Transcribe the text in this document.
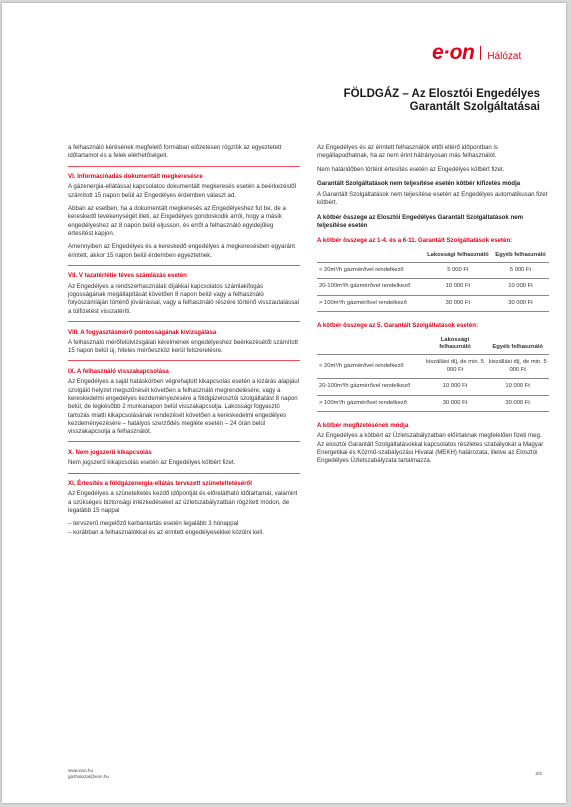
e·on Hálózat
FÖLDGÁZ – Az Elosztói Engedélyes
Garantált Szolgáltatásai
a felhasználó kérésének megfelelő formában előzetesen rögzítik az egyeztetett időtartamot és a felek elérhetőségeit.
VI. Információadás dokumentált megkeresésre
A gázenergia-ellátással kapcsolatos dokumentált megkeresés esetén a beérkezéstől számított 15 napon belül az Engedélyes érdemben választ ad.
Abban az esetben, ha a dokumentált megkeresés az Engedélyeshez fut be, de a kereskedő tevékenységét illeti, az Engedélyes gondoskodik arról, hogy a másik engedélyeshez az 8 napon belül eljusson, és erről a felhasználó egyidejűleg értesítést kapjon.
Amennyiben az Engedélyes és a kereskedő engedélyes a megkeresésben egyaránt érintett, akkor 15 napon belül érdemben egyeztetnek.
VII. V tazatértétie téves számlázás esetén
Az Engedélyes a rendszerhasználati díjakkal kapcsolatos számlakifogás jogosságának megállapítását követően 8 napon belül vagy a felhasználó folyószámláján történő jóváírással, vagy a felhasználó részére történő visszautalással a túlfizetést visszatéríti.
VIII. A fogyasztásmérő pontosságának kivizsgálása
A felhasználó mérőfelülvizsgálati kérelmének engedélyeshez beérkezésétől számított 15 napon belül új, hiteles mérőeszköz kerül felszerelésre.
IX. A felhasználó visszakapcsolása
Az Engedélyes a saját hatáskörben végrehajtott kikapcsolás esetén a kizárás alapjául szolgáló helyzet megszűnését követően a felhasználó megrendelésére, vagy a kereskedelmi engedélyes kezdeményezésére a földgázelosztói szolgáltatást 8 napon belül, de legkésőbb 2 munkanapon belül visszakapcsolja. Lakossági fogyasztó tartozás miatti kikapcsolásának rendezését követően a kereskedelmi engedélyes kezdeményezésére – hatályos szerződés megléte esetén – 24 órán belül visszakapcsolja a felhasználót.
X. Nem jogszerű kikapcsolás
Nem jogszerű kikapcsolás esetén az Engedélyes kötbért fizet.
XI. Értesítés a földgázenergia-ellátás tervezett szüneteltetéséről
Az Engedélyes a szüneteltetés kezdő időpontját és előrelátható időtartamát, valamint a szükséges biztonsági intézkedéseket az üzletszabályzatban rögzített módon, de legalább 15 nappal
– tervszerű megelőző karbantartás esetén legalább 3 hónappal
– korábban a felhasználókkal és az érintett engedélyesekkel közölni kell.
Az Engedélyes és az érintett felhasználók ettől eltérő időpontban is megállapodhatnak, ha az nem érint hátrányosan más felhasználót.
Nem határidőben történt értesítés esetén az Engedélyes kötbért fizet.
Garantált Szolgáltatások nem teljesítése esetén kötbér kifizetés módja
A Garantált Szolgáltatások nem teljesítése esetén az Engedélyes automatikusan fizet kötbért.
A kötbér összege az Elosztói Engedélyes Garantált Szolgáltatások nem teljesítése esetén
A kötbér összege az 1-4. és a 6-11. Garantált Szolgáltatások esetén:
	Lakossági felhasználó	Egyéb felhasználó
< 20m³/h gázmérővel rendelkező	5 000 Ft	5 000 Ft
20-100m³/h gázmérővel rendelkező	10 000 Ft	10 000 Ft
> 100m³/h gázmérővel rendelkező	30 000 Ft	30 000 Ft
A kötbér összege az 5. Garantált Szolgáltatások esetén:
	Lakossági felhasználó	Egyéb felhasználó
< 20m³/h gázmérővel rendelkező	kiszállási díj, de min. 5 000 Ft	kiszállási díj, de min. 5 000 Ft
20-100m³/h gázmérővel rendelkező	10 000 Ft	10 000 Ft
> 100m³/h gázmérővel rendelkező	30 000 Ft	30 000 Ft
A kötbér megfizetésének módja
Az Engedélyes a kötbért az Üzletszabályzatban előírtaknak megfelelően fizeti meg. Az elosztói Garantált Szolgáltatásokkal kapcsolatos részletes szabályokat a Magyar Energetikai és Közmű-szabályozási Hivatal (MEKH) határozata, illetve az Elosztói Engedélyes Üzletszabályzata tartalmazza.
www.eon.hu
gazhalozat@eon.hu	2/2
